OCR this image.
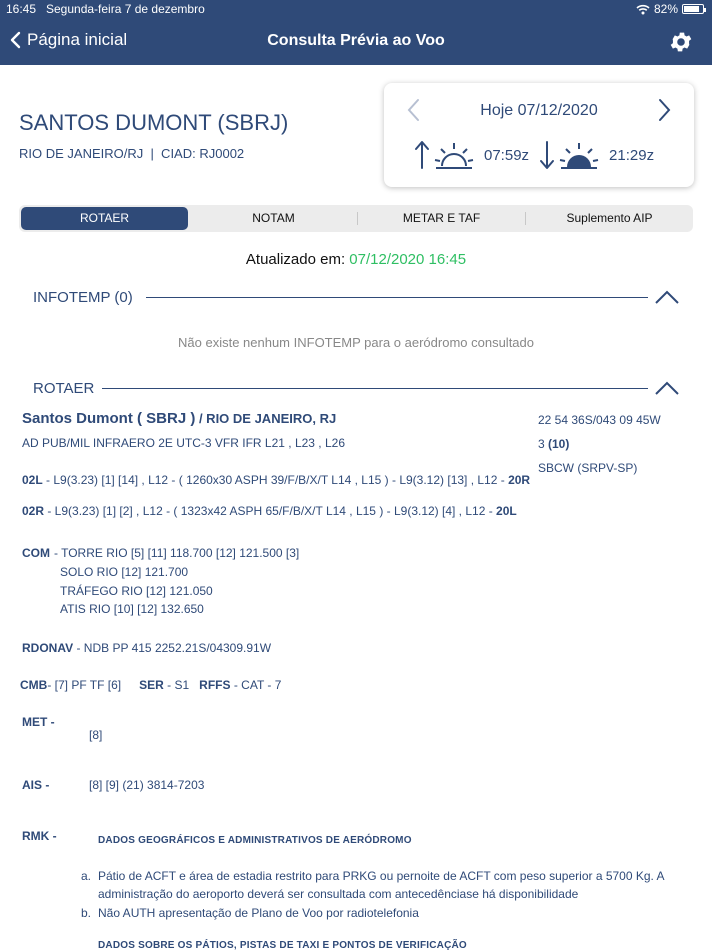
16:45 Segunda-feira 7 de dezembro	82%
Página inicial	Consulta Prévia ao Voo
SANTOS DUMONT (SBRJ)
RIO DE JANEIRO/RJ  |  CIAD: RJ0002
Hoje 07/12/2020
07:59z	21:29z
ROTAER	NOTAM	METAR E TAF	Suplemento AIP
Atualizado em: 07/12/2020 16:45
INFOTEMP (0)
Não existe nenhum INFOTEMP para o aeródromo consultado
ROTAER
Santos Dumont ( SBRJ ) / RIO DE JANEIRO, RJ	22 54 36S/043 09 45W
AD PUB/MIL INFRAERO 2E UTC-3 VFR IFR L21 , L23 , L26	3 (10)
SBCW (SRPV-SP)
02L - L9(3.23) [1] [14] , L12 - ( 1260x30 ASPH 39/F/B/X/T L14 , L15 ) - L9(3.12) [13] , L12 - 20R
02R - L9(3.23) [1] [2] , L12 - ( 1323x42 ASPH 65/F/B/X/T L14 , L15 ) - L9(3.12) [4] , L12 - 20L
COM - TORRE RIO [5] [11] 118.700 [12] 121.500 [3]
SOLO RIO [12] 121.700
TRÁFEGO RIO [12] 121.050
ATIS RIO [10] [12] 132.650
RDONAV - NDB PP 415 2252.21S/04309.91W
CMB- [7] PF TF [6] SER - S1 RFFS - CAT - 7
MET -
[8]
AIS -	[8] [9] (21) 3814-7203
RMK -	DADOS GEOGRÁFICOS E ADMINISTRATIVOS DE AERÓDROMO
a. Pátio de ACFT e área de estadia restrito para PRKG ou pernoite de ACFT com peso superior a 5700 Kg. A administração do aeroporto deverá ser consultada com antecedênciase há disponibilidade
b. Não AUTH apresentação de Plano de Voo por radiotelefonia
DADOS SOBRE OS PÁTIOS, PISTAS DE TAXI E PONTOS DE VERIFICAÇÃO
